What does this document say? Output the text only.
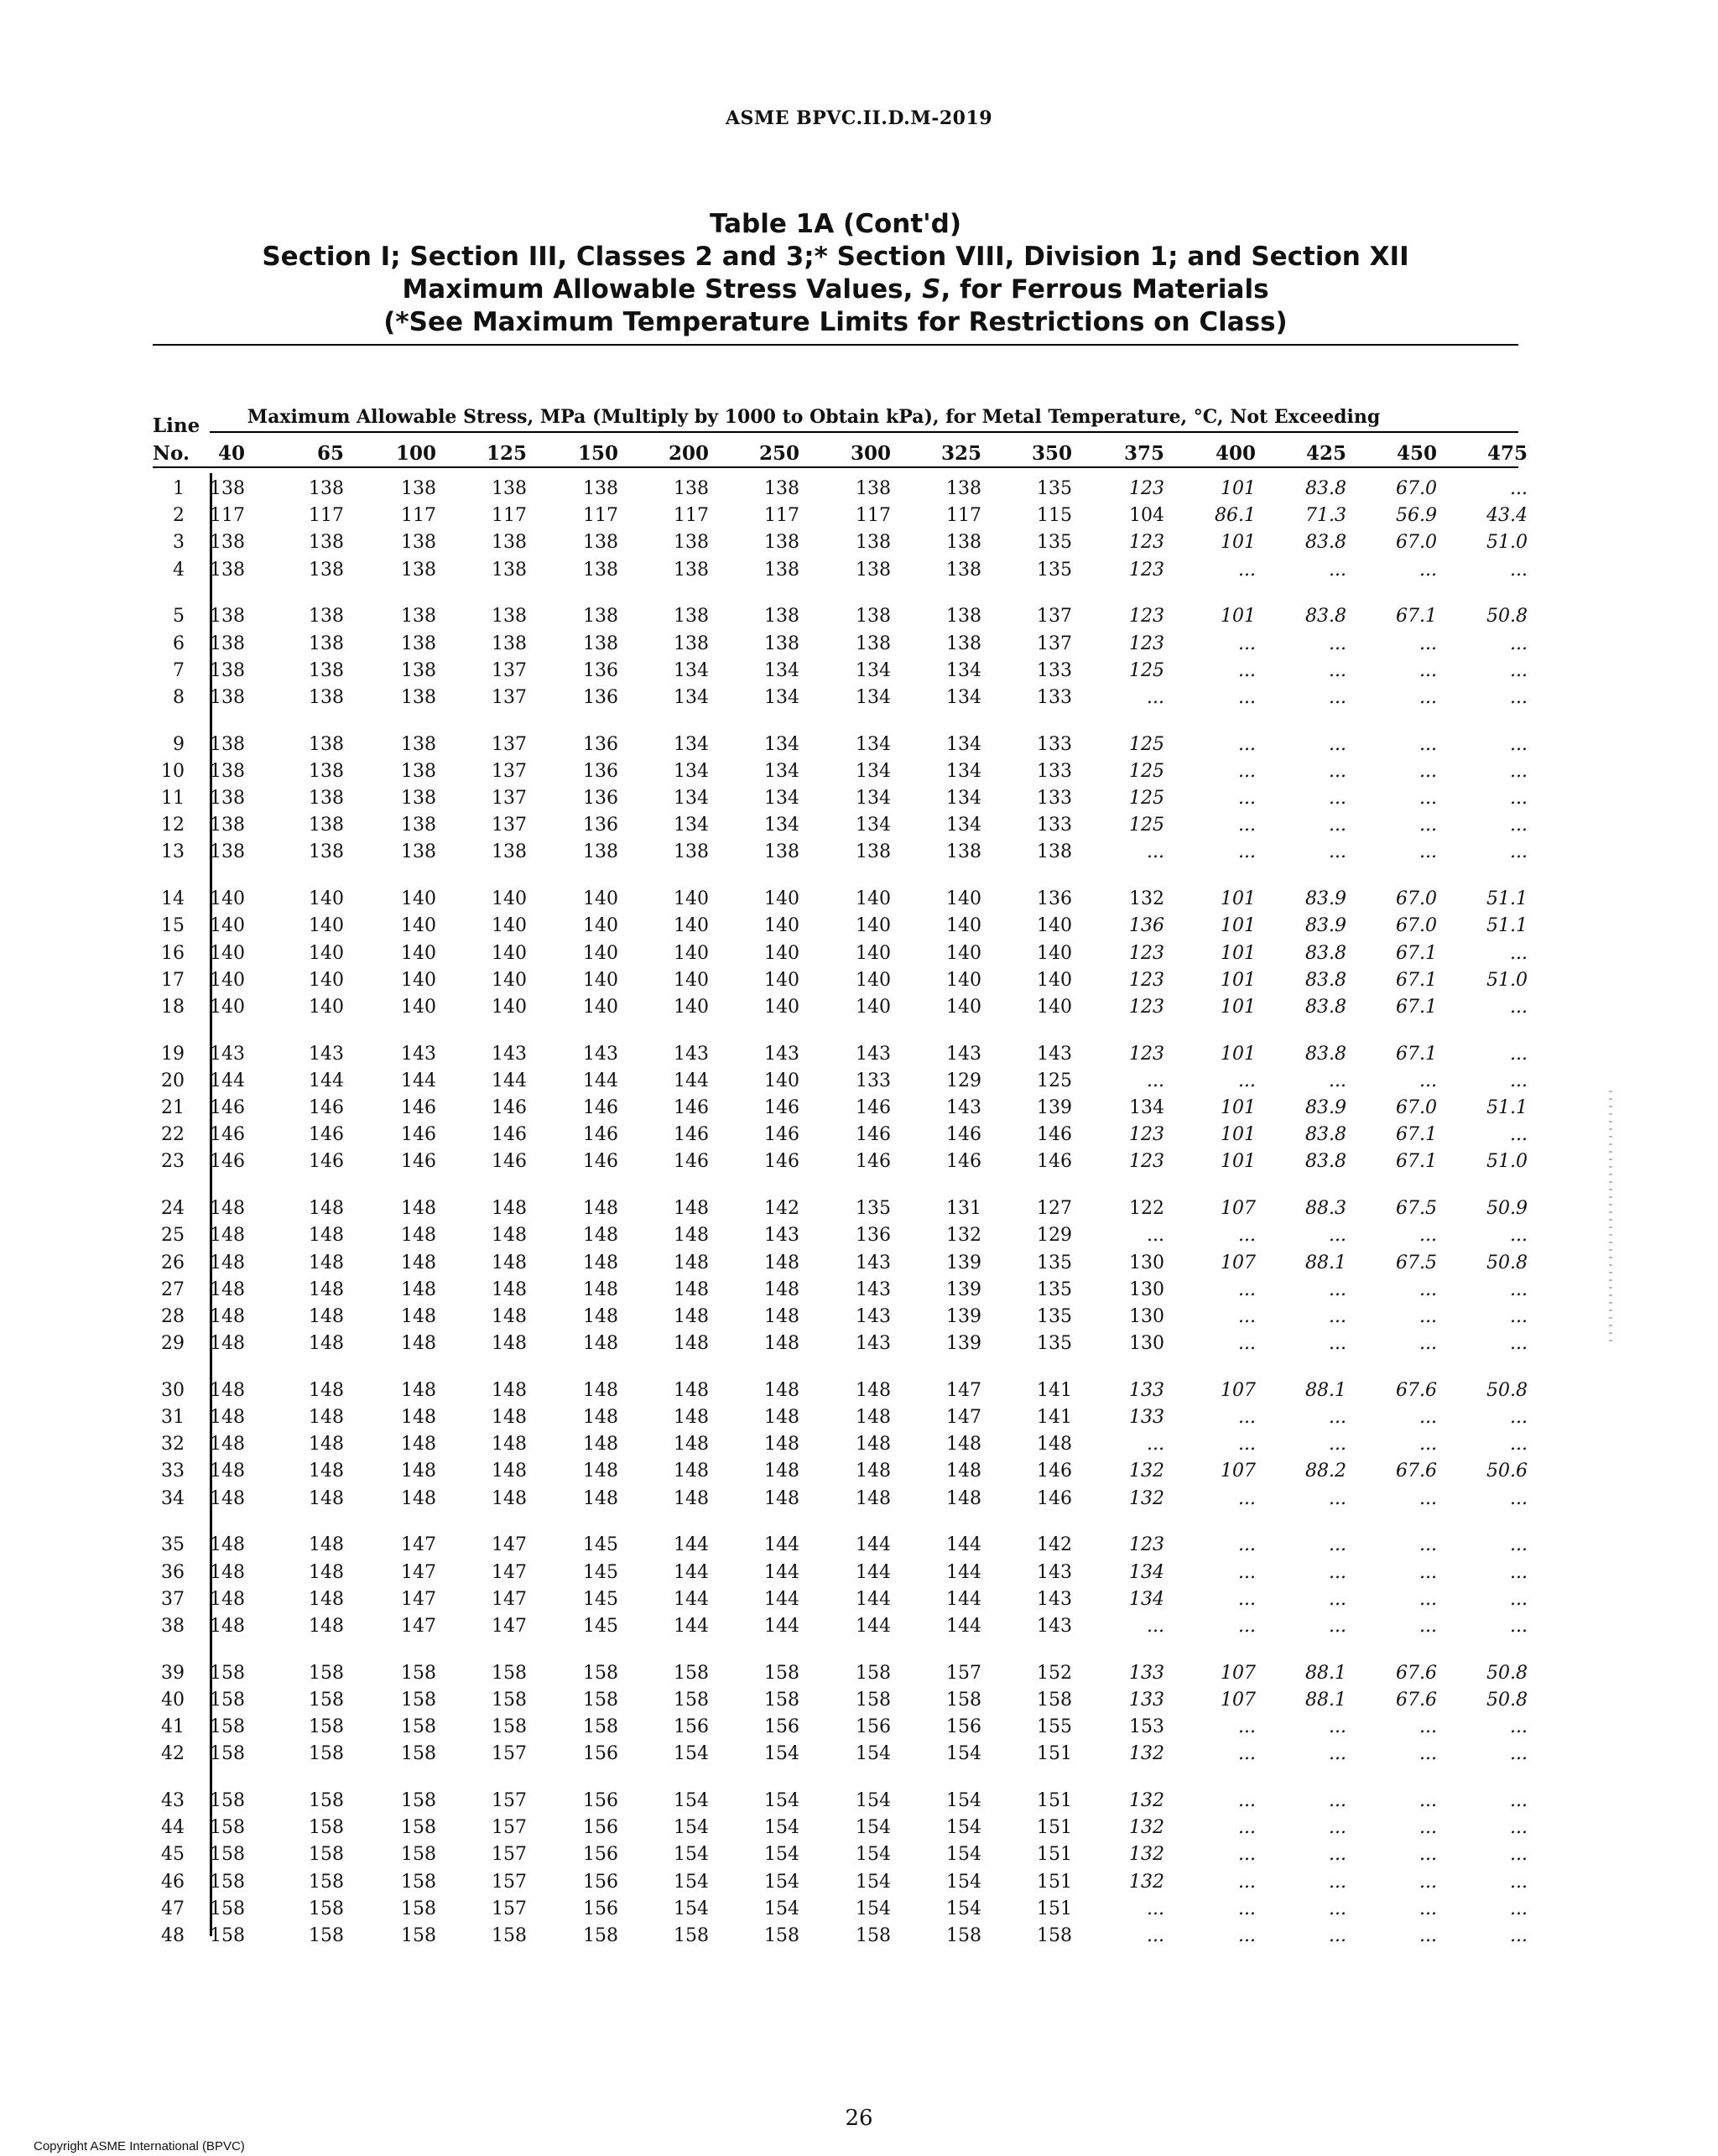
ASME BPVC.II.D.M-2019
Table 1A (Cont'd)
Section I; Section III, Classes 2 and 3;* Section VIII, Division 1; and Section XII
Maximum Allowable Stress Values, S, for Ferrous Materials
(*See Maximum Temperature Limits for Restrictions on Class)
Line
No.
Maximum Allowable Stress, MPa (Multiply by 1000 to Obtain kPa), for Metal Temperature, °C, Not Exceeding
40	65	100	125	150	200	250	300	325	350	375	400	425	450	475
1	138	138	138	138	138	138	138	138	138	135	123	101	83.8	67.0	...
2	117	117	117	117	117	117	117	117	117	115	104	86.1	71.3	56.9	43.4
3	138	138	138	138	138	138	138	138	138	135	123	101	83.8	67.0	51.0
4	138	138	138	138	138	138	138	138	138	135	123	...	...	...	...
5	138	138	138	138	138	138	138	138	138	137	123	101	83.8	67.1	50.8
6	138	138	138	138	138	138	138	138	138	137	123	...	...	...	...
7	138	138	138	137	136	134	134	134	134	133	125	...	...	...	...
8	138	138	138	137	136	134	134	134	134	133	...	...	...	...	...
9	138	138	138	137	136	134	134	134	134	133	125	...	...	...	...
10	138	138	138	137	136	134	134	134	134	133	125	...	...	...	...
11	138	138	138	137	136	134	134	134	134	133	125	...	...	...	...
12	138	138	138	137	136	134	134	134	134	133	125	...	...	...	...
13	138	138	138	138	138	138	138	138	138	138	...	...	...	...	...
14	140	140	140	140	140	140	140	140	140	136	132	101	83.9	67.0	51.1
15	140	140	140	140	140	140	140	140	140	140	136	101	83.9	67.0	51.1
16	140	140	140	140	140	140	140	140	140	140	123	101	83.8	67.1	...
17	140	140	140	140	140	140	140	140	140	140	123	101	83.8	67.1	51.0
18	140	140	140	140	140	140	140	140	140	140	123	101	83.8	67.1	...
19	143	143	143	143	143	143	143	143	143	143	123	101	83.8	67.1	...
20	144	144	144	144	144	144	140	133	129	125	...	...	...	...	...
21	146	146	146	146	146	146	146	146	143	139	134	101	83.9	67.0	51.1
22	146	146	146	146	146	146	146	146	146	146	123	101	83.8	67.1	...
23	146	146	146	146	146	146	146	146	146	146	123	101	83.8	67.1	51.0
24	148	148	148	148	148	148	142	135	131	127	122	107	88.3	67.5	50.9
25	148	148	148	148	148	148	143	136	132	129	...	...	...	...	...
26	148	148	148	148	148	148	148	143	139	135	130	107	88.1	67.5	50.8
27	148	148	148	148	148	148	148	143	139	135	130	...	...	...	...
28	148	148	148	148	148	148	148	143	139	135	130	...	...	...	...
29	148	148	148	148	148	148	148	143	139	135	130	...	...	...	...
30	148	148	148	148	148	148	148	148	147	141	133	107	88.1	67.6	50.8
31	148	148	148	148	148	148	148	148	147	141	133	...	...	...	...
32	148	148	148	148	148	148	148	148	148	148	...	...	...	...	...
33	148	148	148	148	148	148	148	148	148	146	132	107	88.2	67.6	50.6
34	148	148	148	148	148	148	148	148	148	146	132	...	...	...	...
35	148	148	147	147	145	144	144	144	144	142	123	...	...	...	...
36	148	148	147	147	145	144	144	144	144	143	134	...	...	...	...
37	148	148	147	147	145	144	144	144	144	143	134	...	...	...	...
38	148	148	147	147	145	144	144	144	144	143	...	...	...	...	...
39	158	158	158	158	158	158	158	158	157	152	133	107	88.1	67.6	50.8
40	158	158	158	158	158	158	158	158	158	158	133	107	88.1	67.6	50.8
41	158	158	158	158	158	156	156	156	156	155	153	...	...	...	...
42	158	158	158	157	156	154	154	154	154	151	132	...	...	...	...
43	158	158	158	157	156	154	154	154	154	151	132	...	...	...	...
44	158	158	158	157	156	154	154	154	154	151	132	...	...	...	...
45	158	158	158	157	156	154	154	154	154	151	132	...	...	...	...
46	158	158	158	157	156	154	154	154	154	151	132	...	...	...	...
47	158	158	158	157	156	154	154	154	154	151	...	...	...	...	...
48	158	158	158	158	158	158	158	158	158	158	...	...	...	...	...
26
Copyright ASME International (BPVC)
